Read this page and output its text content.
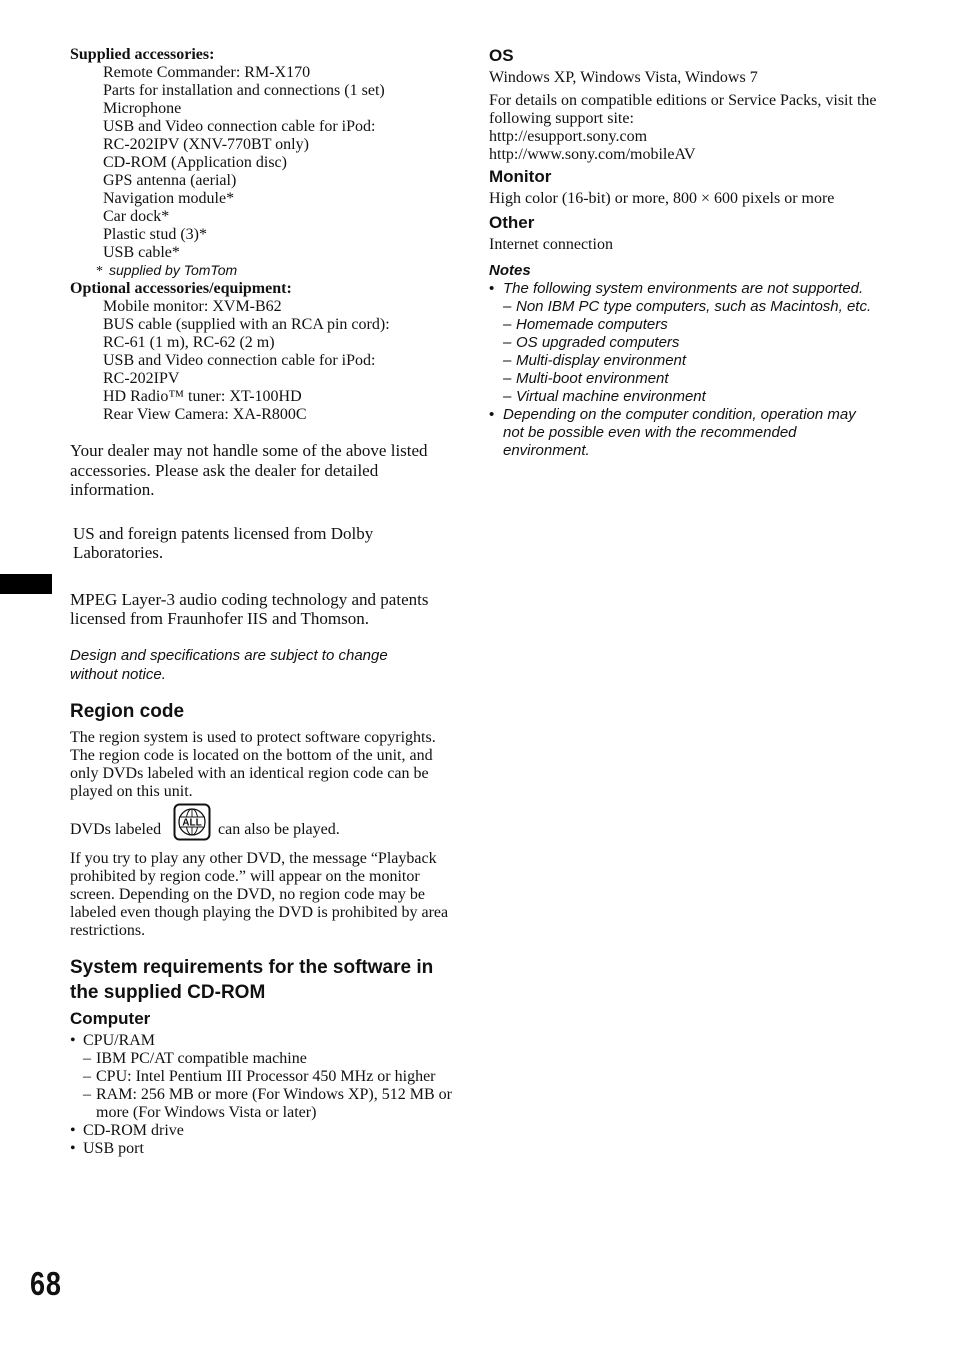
Supplied accessories:
Remote Commander: RM-X170
Parts for installation and connections (1 set)
Microphone
USB and Video connection cable for iPod:
RC-202IPV (XNV-770BT only)
CD-ROM (Application disc)
GPS antenna (aerial)
Navigation module*
Car dock*
Plastic stud (3)*
USB cable*
* supplied by TomTom
Optional accessories/equipment:
Mobile monitor: XVM-B62
BUS cable (supplied with an RCA pin cord):
RC-61 (1 m), RC-62 (2 m)
USB and Video connection cable for iPod:
RC-202IPV
HD Radio™ tuner: XT-100HD
Rear View Camera: XA-R800C
Your dealer may not handle some of the above listed accessories. Please ask the dealer for detailed information.
US and foreign patents licensed from Dolby Laboratories.
MPEG Layer-3 audio coding technology and patents licensed from Fraunhofer IIS and Thomson.
Design and specifications are subject to change without notice.
Region code
The region system is used to protect software copyrights.
The region code is located on the bottom of the unit, and only DVDs labeled with an identical region code can be played on this unit.
DVDs labeled ALL can also be played.
If you try to play any other DVD, the message “Playback prohibited by region code.” will appear on the monitor screen. Depending on the DVD, no region code may be labeled even though playing the DVD is prohibited by area restrictions.
System requirements for the software in the supplied CD-ROM
Computer
• CPU/RAM
– IBM PC/AT compatible machine
– CPU: Intel Pentium III Processor 450 MHz or higher
– RAM: 256 MB or more (For Windows XP), 512 MB or more (For Windows Vista or later)
• CD-ROM drive
• USB port
OS
Windows XP, Windows Vista, Windows 7
For details on compatible editions or Service Packs, visit the following support site:
http://esupport.sony.com
http://www.sony.com/mobileAV
Monitor
High color (16-bit) or more, 800 × 600 pixels or more
Other
Internet connection
Notes
• The following system environments are not supported.
– Non IBM PC type computers, such as Macintosh, etc.
– Homemade computers
– OS upgraded computers
– Multi-display environment
– Multi-boot environment
– Virtual machine environment
• Depending on the computer condition, operation may not be possible even with the recommended environment.
68
